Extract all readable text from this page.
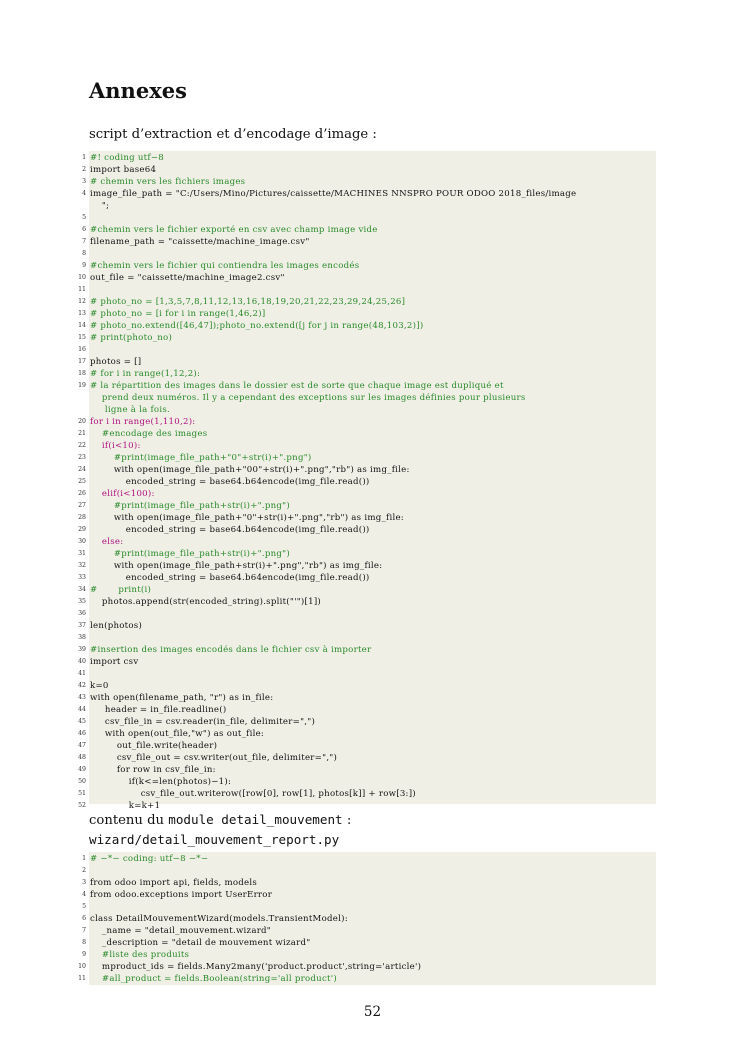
Annexes

script d’extraction et d’encodage d’image :

1 #! coding utf−8
2 import base64
3 # chemin vers les fichiers images
4 image_file_path = "C:/Users/Mino/Pictures/caissette/MACHINES NNSPRO POUR ODOO 2018_files/image
";
5
6 #chemin vers le fichier exporté en csv avec champ image vide
7 filename_path = "caissette/machine_image.csv"
8
9 #chemin vers le fichier qui contiendra les images encodés
10 out_file = "caissette/machine_image2.csv"
11
12 # photo_no = [1,3,5,7,8,11,12,13,16,18,19,20,21,22,23,29,24,25,26]
13 # photo_no = [i for i in range(1,46,2)]
14 # photo_no.extend([46,47]);photo_no.extend([j for j in range(48,103,2)])
15 # print(photo_no)
16
17 photos = []
18 # for i in range(1,12,2):
19 # la répartition des images dans le dossier est de sorte que chaque image est dupliqué et
prend deux numéros. Il y a cependant des exceptions sur les images définies pour plusieurs
ligne à la fois.
20 for i in range(1,110,2):
21 #encodage des images
22 if(i<10):
23 #print(image_file_path+"0"+str(i)+".png")
24 with open(image_file_path+"00"+str(i)+".png","rb") as img_file:
25 encoded_string = base64.b64encode(img_file.read())
26 elif(i<100):
27 #print(image_file_path+str(i)+".png")
28 with open(image_file_path+"0"+str(i)+".png","rb") as img_file:
29 encoded_string = base64.b64encode(img_file.read())
30 else:
31 #print(image_file_path+str(i)+".png")
32 with open(image_file_path+str(i)+".png","rb") as img_file:
33 encoded_string = base64.b64encode(img_file.read())
34 #       print(i)
35 photos.append(str(encoded_string).split("'")[1])
36
37 len(photos)
38
39 #insertion des images encodés dans le fichier csv à importer
40 import csv
41
42 k=0
43 with open(filename_path, "r") as in_file:
44 header = in_file.readline()
45 csv_file_in = csv.reader(in_file, delimiter=",")
46 with open(out_file,"w") as out_file:
47 out_file.write(header)
48 csv_file_out = csv.writer(out_file, delimiter=",")
49 for row in csv_file_in:
50 if(k<=len(photos)−1):
51 csv_file_out.writerow([row[0], row[1], photos[k]] + row[3:])
52 k=k+1

contenu du module detail_mouvement :
wizard/detail_mouvement_report.py

1 # −*− coding: utf−8 −*−
2
3 from odoo import api, fields, models
4 from odoo.exceptions import UserError
5
6 class DetailMouvementWizard(models.TransientModel):
7 _name = "detail_mouvement.wizard"
8 _description = "detail de mouvement wizard"
9 #liste des produits
10 mproduct_ids = fields.Many2many('product.product',string='article')
11 #all_product = fields.Boolean(string='all product')

52
